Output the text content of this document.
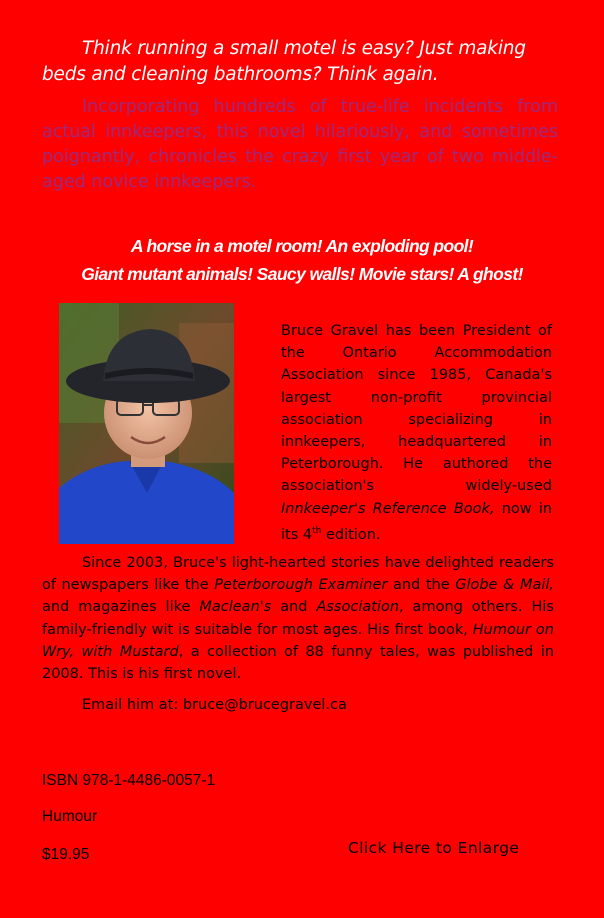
Think running a small motel is easy? Just making beds and cleaning bathrooms? Think again.
Incorporating hundreds of true-life incidents from actual innkeepers, this novel hilariously, and sometimes poignantly, chronicles the crazy first year of two middle-aged novice innkeepers.
A horse in a motel room! An exploding pool!
Giant mutant animals! Saucy walls! Movie stars! A ghost!
Bruce Gravel has been President of the Ontario Accommodation Association since 1985, Canada's largest non-profit provincial association specializing in innkeepers, headquartered in Peterborough. He authored the association's widely-used Innkeeper's Reference Book, now in its 4th edition.
Since 2003, Bruce's light-hearted stories have delighted readers of newspapers like the Peterborough Examiner and the Globe & Mail, and magazines like Maclean's and Association, among others. His family-friendly wit is suitable for most ages. His first book, Humour on Wry, with Mustard, a collection of 88 funny tales, was published in 2008. This is his first novel.
Email him at: bruce@brucegravel.ca
ISBN 978-1-4486-0057-1
Humour
$19.95	Click Here to Enlarge
